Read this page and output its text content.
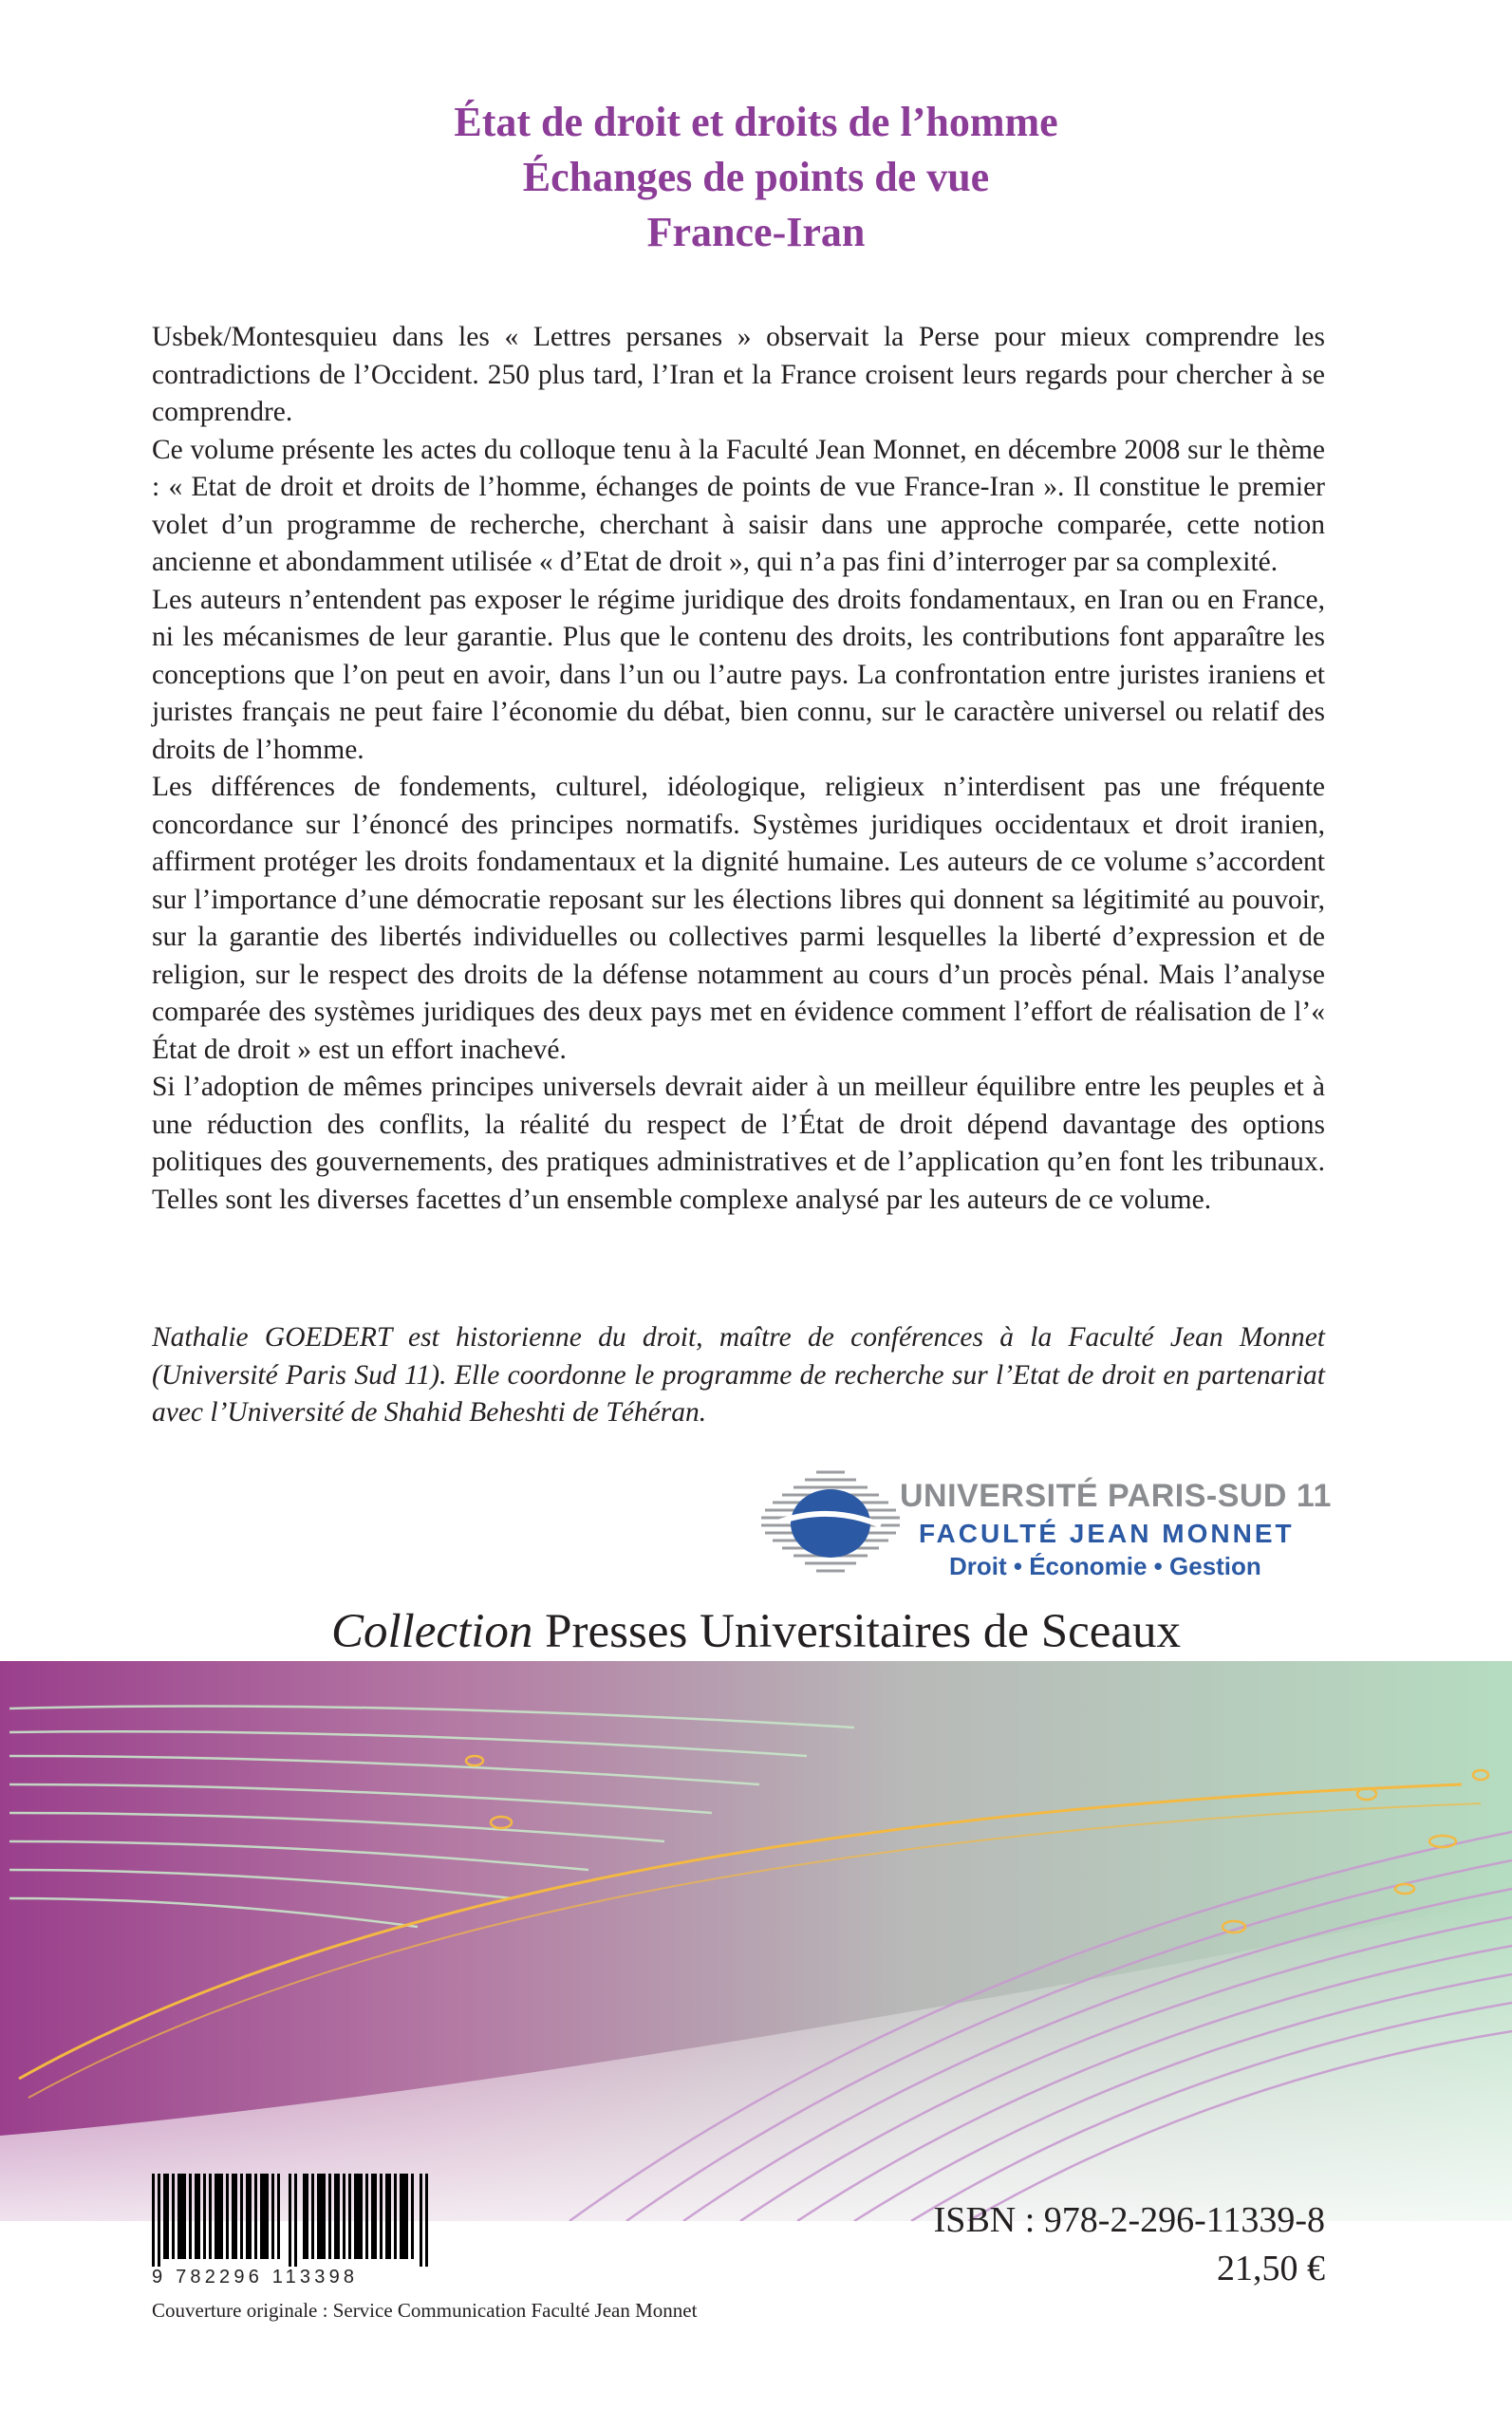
État de droit et droits de l’homme
Échanges de points de vue
France-Iran

Usbek/Montesquieu dans les « Lettres persanes » observait la Perse pour mieux comprendre les contradictions de l’Occident. 250 plus tard, l’Iran et la France croisent leurs regards pour chercher à se comprendre.

Ce volume présente les actes du colloque tenu à la Faculté Jean Monnet, en décembre 2008 sur le thème : « Etat de droit et droits de l’homme, échanges de points de vue France-Iran ». Il constitue le premier volet d’un programme de recherche, cherchant à saisir dans une approche comparée, cette notion ancienne et abondamment utilisée « d’Etat de droit », qui n’a pas fini d’interroger par sa complexité.

Les auteurs n’entendent pas exposer le régime juridique des droits fondamentaux, en Iran ou en France, ni les mécanismes de leur garantie. Plus que le contenu des droits, les contributions font apparaître les conceptions que l’on peut en avoir, dans l’un ou l’autre pays. La confrontation entre juristes iraniens et juristes français ne peut faire l’économie du débat, bien connu, sur le caractère universel ou relatif des droits de l’homme.

Les différences de fondements, culturel, idéologique, religieux n’interdisent pas une fréquente concordance sur l’énoncé des principes normatifs. Systèmes juridiques occidentaux et droit iranien, affirment protéger les droits fondamentaux et la dignité humaine. Les auteurs de ce volume s’accordent sur l’importance d’une démocratie reposant sur les élections libres qui donnent sa légitimité au pouvoir, sur la garantie des libertés individuelles ou collectives parmi lesquelles la liberté d’expression et de religion, sur le respect des droits de la défense notamment au cours d’un procès pénal. Mais l’analyse comparée des systèmes juridiques des deux pays met en évidence comment l’effort de réalisation de l’« État de droit » est un effort inachevé.

Si l’adoption de mêmes principes universels devrait aider à un meilleur équilibre entre les peuples et à une réduction des conflits, la réalité du respect de l’État de droit dépend davantage des options politiques des gouvernements, des pratiques administratives et de l’application qu’en font les tribunaux. Telles sont les diverses facettes d’un ensemble complexe analysé par les auteurs de ce volume.

Nathalie GOEDERT est historienne du droit, maître de conférences à la Faculté Jean Monnet (Université Paris Sud 11). Elle coordonne le programme de recherche sur l’Etat de droit en partenariat avec l’Université de Shahid Beheshti de Téhéran.

UNIVERSITÉ PARIS-SUD 11
FACULTÉ JEAN MONNET
Droit • Économie • Gestion
Collection Presses Universitaires de Sceaux
9 782296 113398
ISBN : 978-2-296-11339-8
21,50 €
Couverture originale : Service Communication Faculté Jean Monnet
